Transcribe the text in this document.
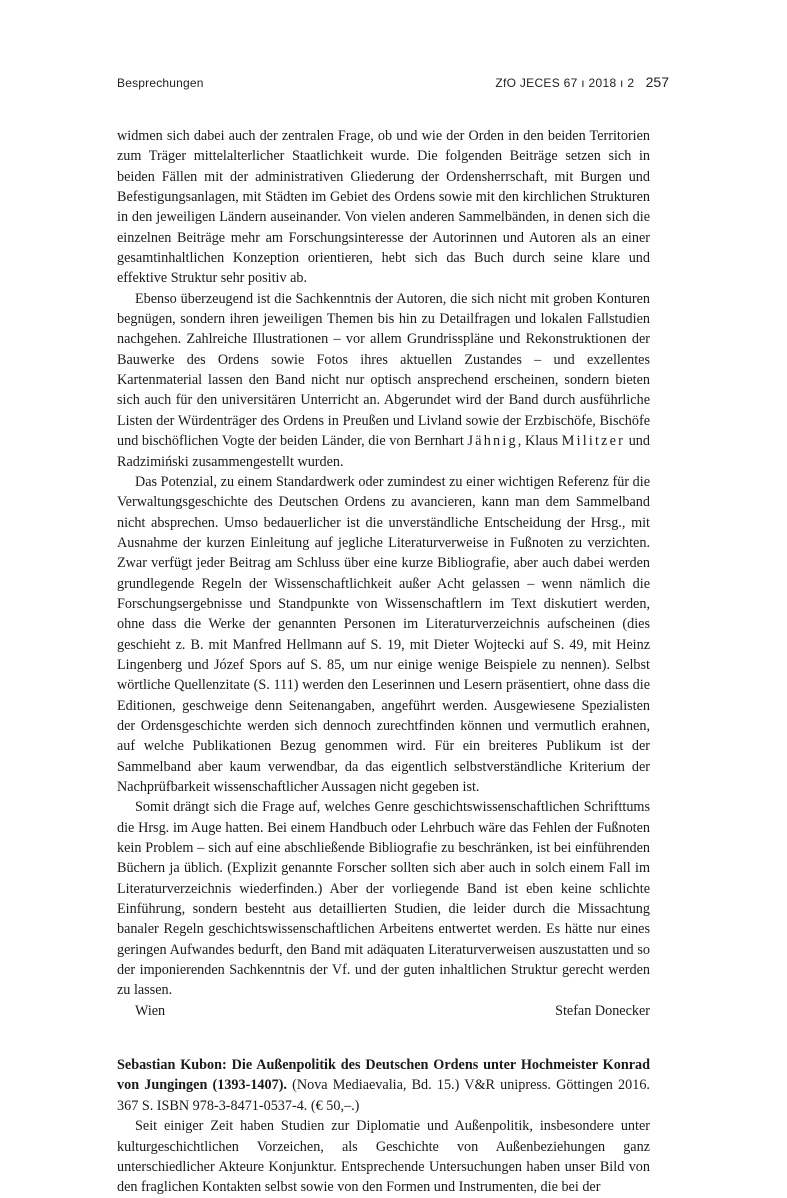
Besprechungen	ZfO JECES 67 ı 2018 ı 2 257

widmen sich dabei auch der zentralen Frage, ob und wie der Orden in den beiden Territorien zum Träger mittelalterlicher Staatlichkeit wurde. Die folgenden Beiträge setzen sich in beiden Fällen mit der administrativen Gliederung der Ordensherrschaft, mit Burgen und Befestigungsanlagen, mit Städten im Gebiet des Ordens sowie mit den kirchlichen Strukturen in den jeweiligen Ländern auseinander. Von vielen anderen Sammelbänden, in denen sich die einzelnen Beiträge mehr am Forschungsinteresse der Autorinnen und Autoren als an einer gesamtinhaltlichen Konzeption orientieren, hebt sich das Buch durch seine klare und effektive Struktur sehr positiv ab.

Ebenso überzeugend ist die Sachkenntnis der Autoren, die sich nicht mit groben Konturen begnügen, sondern ihren jeweiligen Themen bis hin zu Detailfragen und lokalen Fallstudien nachgehen. Zahlreiche Illustrationen – vor allem Grundrisspläne und Rekonstruktionen der Bauwerke des Ordens sowie Fotos ihres aktuellen Zustandes – und exzellentes Kartenmaterial lassen den Band nicht nur optisch ansprechend erscheinen, sondern bieten sich auch für den universitären Unterricht an. Abgerundet wird der Band durch ausführliche Listen der Würdenträger des Ordens in Preußen und Livland sowie der Erzbischöfe, Bischöfe und bischöflichen Vogte der beiden Länder, die von Bernhart Jähnig, Klaus Militzer und Radzimiński zusammengestellt wurden.

Das Potenzial, zu einem Standardwerk oder zumindest zu einer wichtigen Referenz für die Verwaltungsgeschichte des Deutschen Ordens zu avancieren, kann man dem Sammelband nicht absprechen. Umso bedauerlicher ist die unverständliche Entscheidung der Hrsg., mit Ausnahme der kurzen Einleitung auf jegliche Literaturverweise in Fußnoten zu verzichten. Zwar verfügt jeder Beitrag am Schluss über eine kurze Bibliografie, aber auch dabei werden grundlegende Regeln der Wissenschaftlichkeit außer Acht gelassen – wenn nämlich die Forschungsergebnisse und Standpunkte von Wissenschaftlern im Text diskutiert werden, ohne dass die Werke der genannten Personen im Literaturverzeichnis aufscheinen (dies geschieht z. B. mit Manfred Hellmann auf S. 19, mit Dieter Wojtecki auf S. 49, mit Heinz Lingenberg und Józef Spors auf S. 85, um nur einige wenige Beispiele zu nennen). Selbst wörtliche Quellenzitate (S. 111) werden den Leserinnen und Lesern präsentiert, ohne dass die Editionen, geschweige denn Seitenangaben, angeführt werden. Ausgewiesene Spezialisten der Ordensgeschichte werden sich dennoch zurechtfinden können und vermutlich erahnen, auf welche Publikationen Bezug genommen wird. Für ein breiteres Publikum ist der Sammelband aber kaum verwendbar, da das eigentlich selbstverständliche Kriterium der Nachprüfbarkeit wissenschaftlicher Aussagen nicht gegeben ist.

Somit drängt sich die Frage auf, welches Genre geschichtswissenschaftlichen Schrifttums die Hrsg. im Auge hatten. Bei einem Handbuch oder Lehrbuch wäre das Fehlen der Fußnoten kein Problem – sich auf eine abschließende Bibliografie zu beschränken, ist bei einführenden Büchern ja üblich. (Explizit genannte Forscher sollten sich aber auch in solch einem Fall im Literaturverzeichnis wiederfinden.) Aber der vorliegende Band ist eben keine schlichte Einführung, sondern besteht aus detaillierten Studien, die leider durch die Missachtung banaler Regeln geschichtswissenschaftlichen Arbeitens entwertet werden. Es hätte nur eines geringen Aufwandes bedurft, den Band mit adäquaten Literaturverweisen auszustatten und so der imponierenden Sachkenntnis der Vf. und der guten inhaltlichen Struktur gerecht werden zu lassen.

Wien	Stefan Donecker

Sebastian Kubon: Die Außenpolitik des Deutschen Ordens unter Hochmeister Konrad von Jungingen (1393-1407). (Nova Mediaevalia, Bd. 15.) V&R unipress. Göttingen 2016. 367 S. ISBN 978-3-8471-0537-4. (€ 50,–.)

Seit einiger Zeit haben Studien zur Diplomatie und Außenpolitik, insbesondere unter kulturgeschichtlichen Vorzeichen, als Geschichte von Außenbeziehungen ganz unterschiedlicher Akteure Konjunktur. Entsprechende Untersuchungen haben unser Bild von den fraglichen Kontakten selbst sowie von den Formen und Instrumenten, die bei der
